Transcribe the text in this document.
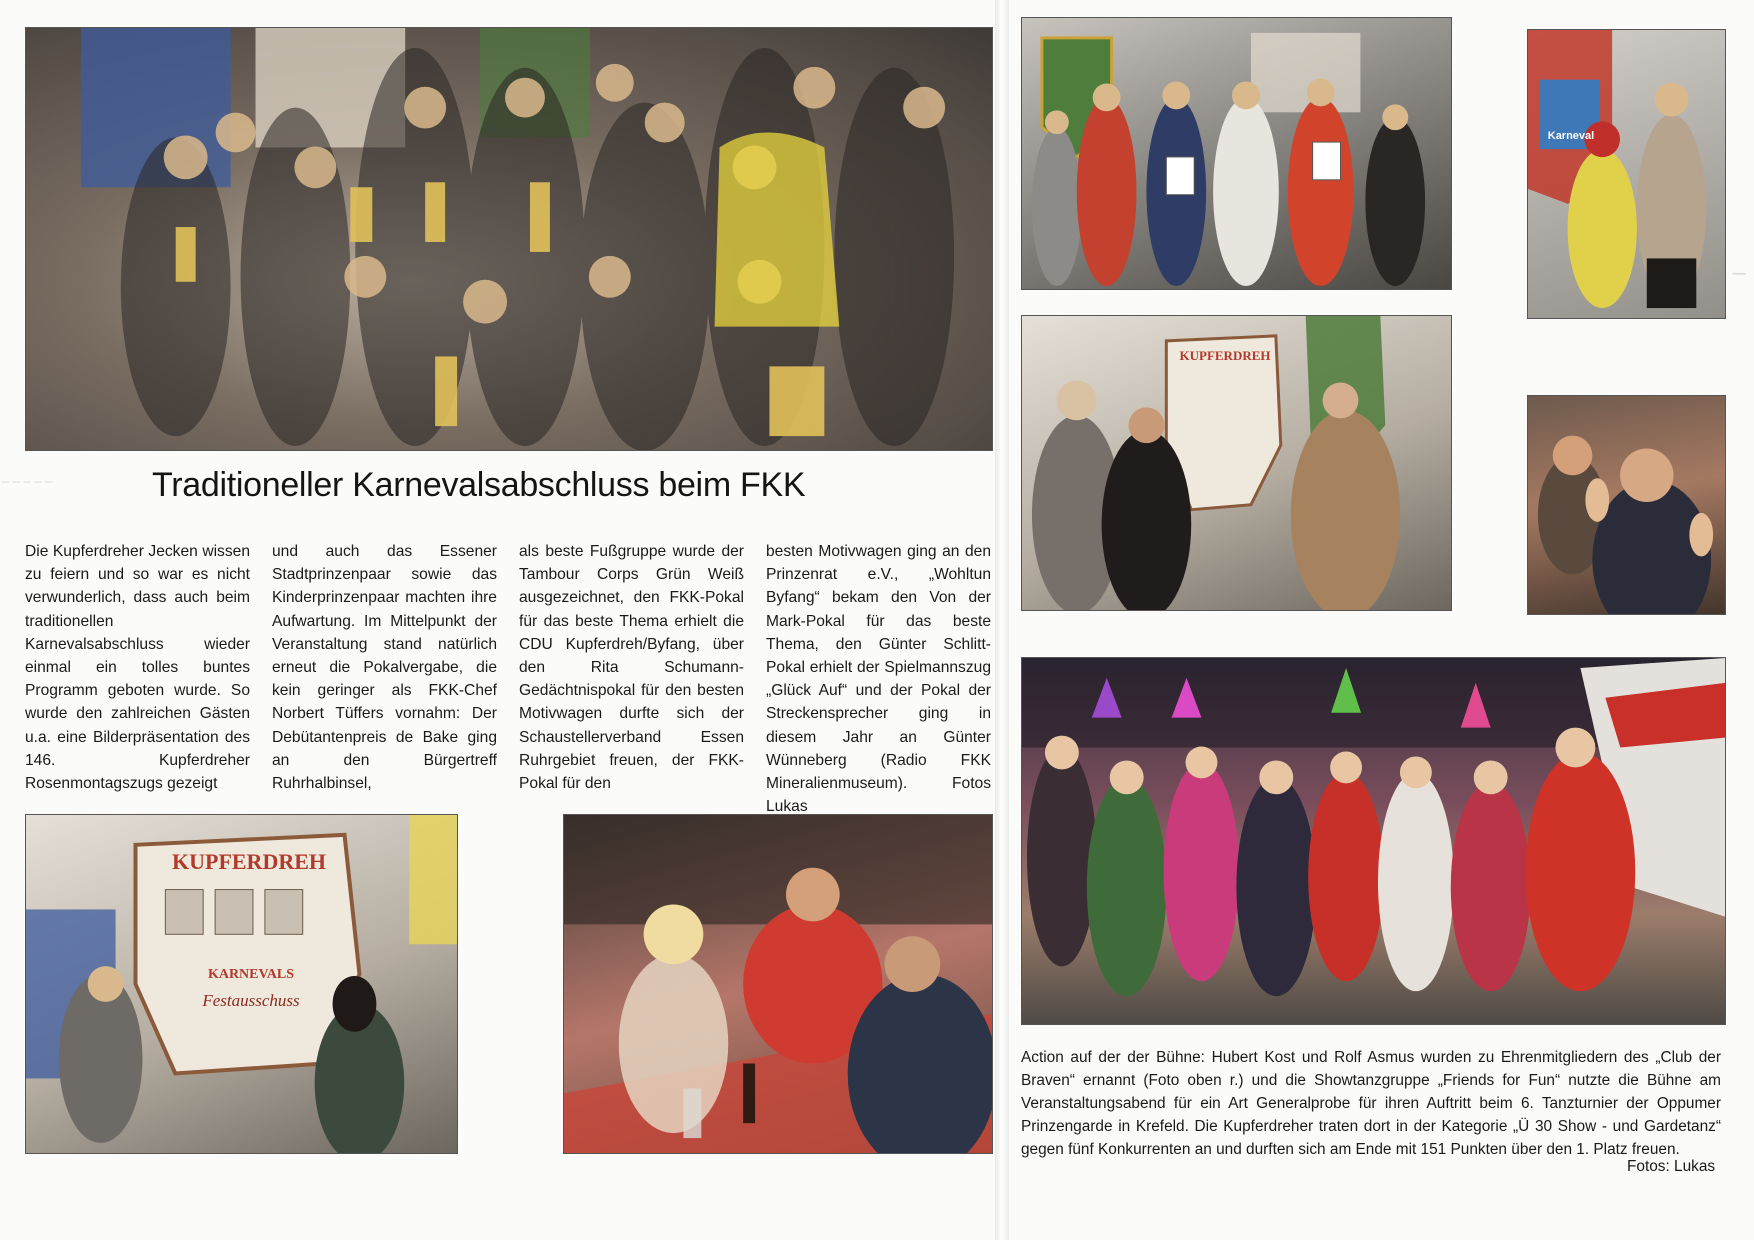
Traditioneller Karnevalsabschluss beim FKK

Die Kupferdreher Jecken wissen zu feiern und so war es nicht verwunderlich, dass auch beim traditionellen Karnevalsabschluss wieder einmal ein tolles buntes Programm geboten wurde. So wurde den zahlreichen Gästen u.a. eine Bilderpräsentation des 146. Kupferdreher Rosenmontagszugs gezeigt

und auch das Essener Stadtprinzenpaar sowie das Kinderprinzenpaar machten ihre Aufwartung. Im Mittelpunkt der Veranstaltung stand natürlich erneut die Pokalvergabe, die kein geringer als FKK-Chef Norbert Tüffers vornahm: Der Debütantenpreis de Bake ging an den Bürgertreff Ruhrhalbinsel,

als beste Fußgruppe wurde der Tambour Corps Grün Weiß ausgezeichnet, den FKK-Pokal für das beste Thema erhielt die CDU Kupferdreh/Byfang, über den Rita Schumann-Gedächtnispokal für den besten Motivwagen durfte sich der Schaustellerverband Essen Ruhrgebiet freuen, der FKK-Pokal für den

besten Motivwagen ging an den Prinzenrat e.V., „Wohltun Byfang“ bekam den Von der Mark-Pokal für das beste Thema, den Günter Schlitt-Pokal erhielt der Spielmannszug „Glück Auf“ und der Pokal der Streckensprecher ging in diesem Jahr an Günter Wünneberg (Radio FKK Mineralienmuseum). Fotos Lukas

KUPFERDREH
KARNEVALS
Festausschuss
_ _ _ _ _
Karneval
KUPFERDREH
_

Action auf der der Bühne: Hubert Kost und Rolf Asmus wurden zu Ehrenmitgliedern des „Club der Braven“ ernannt (Foto oben r.) und die Showtanzgruppe „Friends for Fun“ nutzte die Bühne am Veranstaltungsabend für ein Art Generalprobe für ihren Auftritt beim 6. Tanzturnier der Oppumer Prinzengarde in Krefeld. Die Kupferdreher traten dort in der Kategorie „Ü 30 Show - und Gardetanz“ gegen fünf Konkurrenten an und durften sich am Ende mit 151 Punkten über den 1. Platz freuen.

Fotos: Lukas
